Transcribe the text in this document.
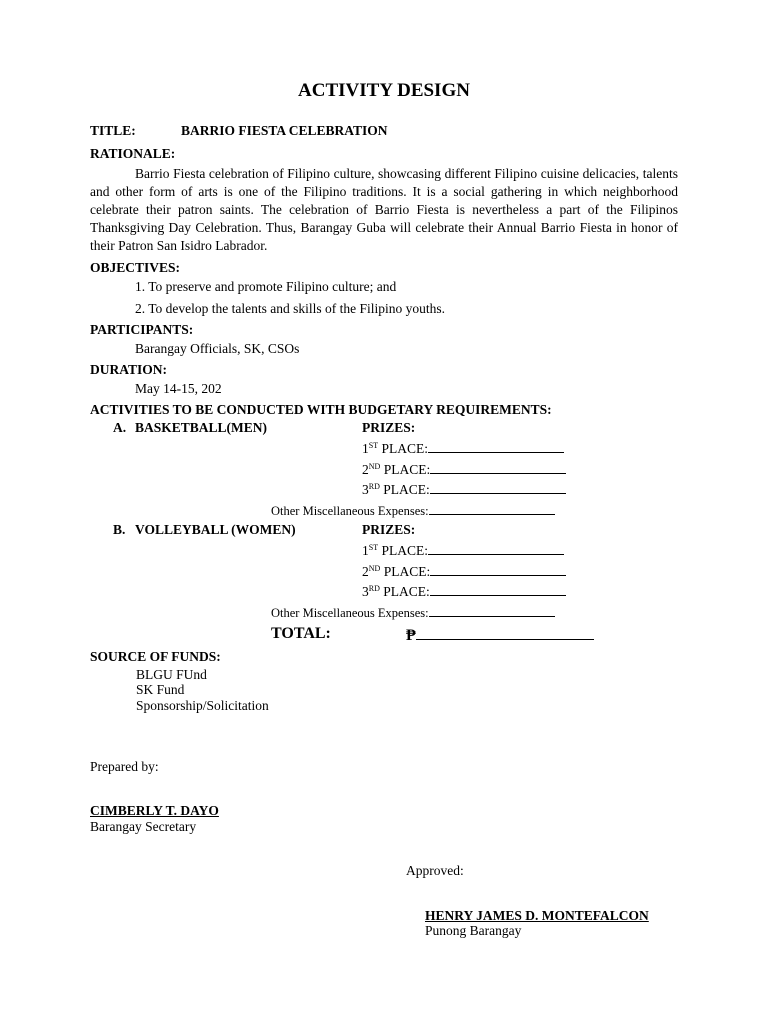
ACTIVITY DESIGN
TITLE:	BARRIO FIESTA CELEBRATION
RATIONALE:
Barrio Fiesta celebration of Filipino culture, showcasing different Filipino cuisine delicacies, talents and other form of arts is one of the Filipino traditions. It is a social gathering in which neighborhood celebrate their patron saints. The celebration of Barrio Fiesta is nevertheless a part of the Filipinos Thanksgiving Day Celebration. Thus, Barangay Guba will celebrate their Annual Barrio Fiesta in honor of their Patron San Isidro Labrador.
OBJECTIVES:
1. To preserve and promote Filipino culture; and
2. To develop the talents and skills of the Filipino youths.
PARTICIPANTS:
Barangay Officials, SK, CSOs
DURATION:
May 14-15, 202
ACTIVITIES TO BE CONDUCTED WITH BUDGETARY REQUIREMENTS:
A. BASKETBALL(MEN)	PRIZES:
1ST PLACE:
2ND PLACE:
3RD PLACE:
Other Miscellaneous Expenses:
B. VOLLEYBALL (WOMEN)	PRIZES:
1ST PLACE:
2ND PLACE:
3RD PLACE:
Other Miscellaneous Expenses:
TOTAL:	₱
SOURCE OF FUNDS:
BLGU FUnd
SK Fund
Sponsorship/Solicitation
Prepared by:
CIMBERLY T. DAYO
Barangay Secretary
Approved:
HENRY JAMES D. MONTEFALCON
Punong Barangay
